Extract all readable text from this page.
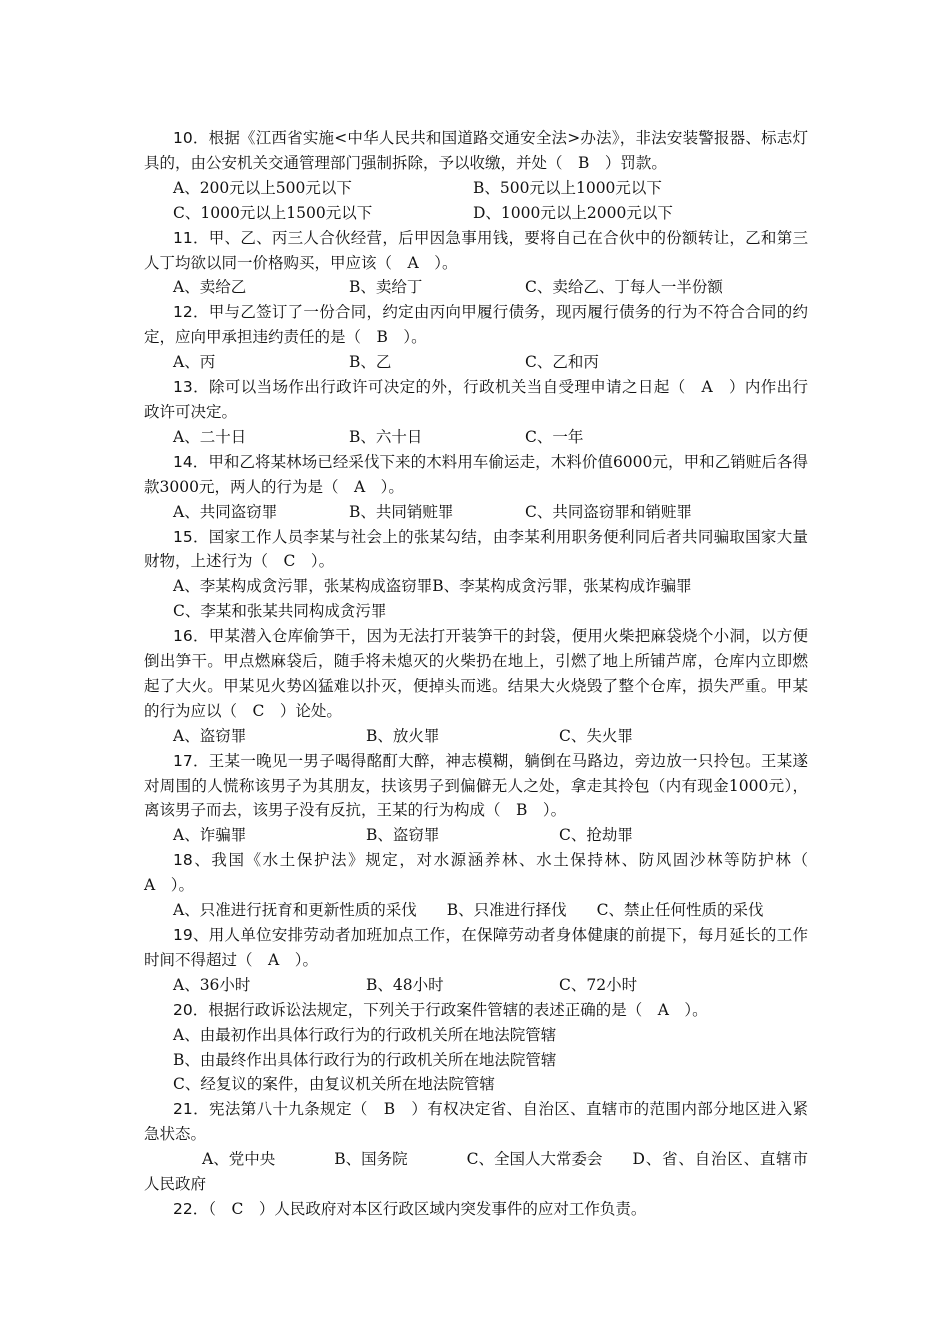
10．根据《江西省实施<中华人民共和国道路交通安全法>办法》，非法安装警报器、标志灯具的，由公安机关交通管理部门强制拆除，予以收缴，并处（　B　）罚款。

A、200元以上500元以下	B、500元以上1000元以下

C、1000元以上1500元以下	D、1000元以上2000元以下

11．甲、乙、丙三人合伙经营，后甲因急事用钱，要将自己在合伙中的份额转让，乙和第三人丁均欲以同一价格购买，甲应该（　A　）。

A、卖给乙	B、卖给丁	C、卖给乙、丁每人一半份额

12．甲与乙签订了一份合同，约定由丙向甲履行债务，现丙履行债务的行为不符合合同的约定，应向甲承担违约责任的是（　B　）。

A、丙	B、乙	C、乙和丙

13．除可以当场作出行政许可决定的外，行政机关当自受理申请之日起（　A　）内作出行政许可决定。

A、二十日	B、六十日	C、一年

14．甲和乙将某林场已经采伐下来的木料用车偷运走，木料价值6000元，甲和乙销赃后各得款3000元，两人的行为是（　A　）。

A、共同盗窃罪	B、共同销赃罪	C、共同盗窃罪和销赃罪

15．国家工作人员李某与社会上的张某勾结，由李某利用职务便利同后者共同骗取国家大量财物，上述行为（　C　）。

A、李某构成贪污罪，张某构成盗窃罪B、李某构成贪污罪，张某构成诈骗罪

C、李某和张某共同构成贪污罪

16．甲某潜入仓库偷笋干，因为无法打开装笋干的封袋，便用火柴把麻袋烧个小洞，以方便倒出笋干。甲点燃麻袋后，随手将未熄灭的火柴扔在地上，引燃了地上所铺芦席，仓库内立即燃起了大火。甲某见火势凶猛难以扑灭，便掉头而逃。结果大火烧毁了整个仓库，损失严重。甲某的行为应以（　C　）论处。

A、盗窃罪	B、放火罪	C、失火罪

17．王某一晚见一男子喝得酩酊大醉，神志模糊，躺倒在马路边，旁边放一只拎包。王某遂对周围的人慌称该男子为其朋友，扶该男子到偏僻无人之处，拿走其拎包（内有现金1000元），离该男子而去，该男子没有反抗，王某的行为构成（　B　）。

A、诈骗罪	B、盗窃罪	C、抢劫罪

18、我国《水土保护法》规定，对水源涵养林、水土保持林、防风固沙林等防护林（　A　）。

A、只准进行抚育和更新性质的采伐 B、只准进行择伐 C、禁止任何性质的采伐

19、用人单位安排劳动者加班加点工作，在保障劳动者身体健康的前提下，每月延长的工作时间不得超过（　A　）。

A、36小时	B、48小时	C、72小时

20．根据行政诉讼法规定，下列关于行政案件管辖的表述正确的是（　A　）。

A、由最初作出具体行政行为的行政机关所在地法院管辖

B、由最终作出具体行政行为的行政机关所在地法院管辖

C、经复议的案件，由复议机关所在地法院管辖

21．宪法第八十九条规定（　B　）有权决定省、自治区、直辖市的范围内部分地区进入紧急状态。

A、党中央	B、国务院	C、全国人大常委会 D、省、自治区、直辖市人民政府

22．（　C　）人民政府对本区行政区域内突发事件的应对工作负责。
